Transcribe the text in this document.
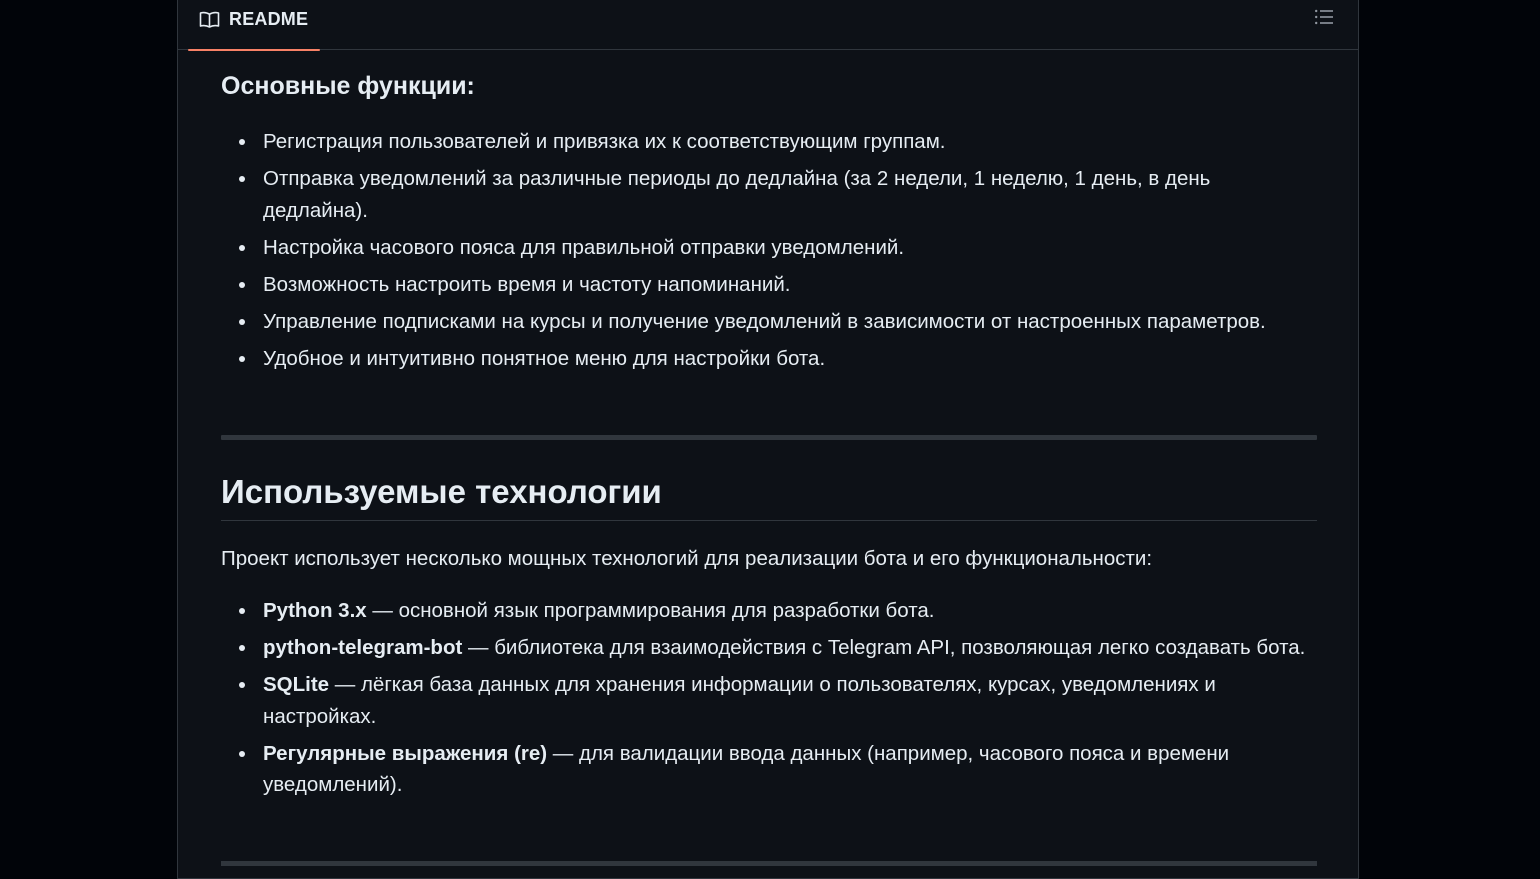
README
Основные функции:
Регистрация пользователей и привязка их к соответствующим группам.
Отправка уведомлений за различные периоды до дедлайна (за 2 недели, 1 неделю, 1 день, в день дедлайна).
Настройка часового пояса для правильной отправки уведомлений.
Возможность настроить время и частоту напоминаний.
Управление подписками на курсы и получение уведомлений в зависимости от настроенных параметров.
Удобное и интуитивно понятное меню для настройки бота.
Используемые технологии

Проект использует несколько мощных технологий для реализации бота и его функциональности:

Python 3.x — основной язык программирования для разработки бота.
python-telegram-bot — библиотека для взаимодействия с Telegram API, позволяющая легко создавать бота.
SQLite — лёгкая база данных для хранения информации о пользователях, курсах, уведомлениях и настройках.
Регулярные выражения (re) — для валидации ввода данных (например, часового пояса и времени уведомлений).
